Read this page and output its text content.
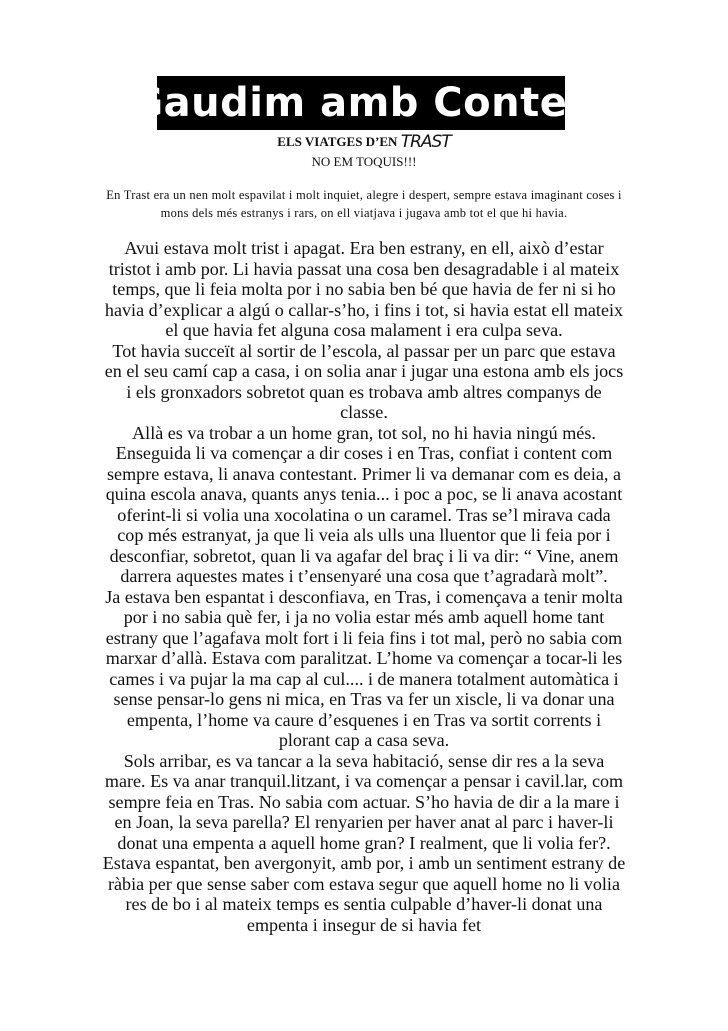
Gaudim amb Contes
ELS VIATGES D’EN TRAST
NO EM TOQUIS!!!
En Trast era un nen molt espavilat i molt inquiet, alegre i despert, sempre estava imaginant coses i mons dels més estranys i rars, on ell viatjava i jugava amb tot el que hi havia.

Avui estava molt trist i apagat. Era ben estrany, en ell, això d’estar tristot i amb por. Li havia passat una cosa ben desagradable i al mateix temps, que li feia molta por i no sabia ben bé que havia de fer ni si ho havia d’explicar a algú o callar-s’ho, i fins i tot, si havia estat ell mateix el que havia fet alguna cosa malament i era culpa seva.

Tot havia succeït al sortir de l’escola, al passar per un parc que estava en el seu camí cap a casa, i on solia anar i jugar una estona amb els jocs i els gronxadors sobretot quan es trobava amb altres companys de classe.

Allà es va trobar a un home gran, tot sol, no hi havia ningú més. Enseguida li va començar a dir coses i en Tras, confiat i content com sempre estava, li anava contestant. Primer li va demanar com es deia, a quina escola anava, quants anys tenia... i poc a poc, se li anava acostant oferint-li si volia una xocolatina o un caramel. Tras se’l mirava cada cop més estranyat, ja que li veia als ulls una lluentor que li feia por i desconfiar, sobretot, quan li va agafar del braç i li va dir: “ Vine, anem darrera aquestes mates i t’ensenyaré una cosa que t’agradarà molt”.

Ja estava ben espantat i desconfiava, en Tras, i començava a tenir molta por i no sabia què fer, i ja no volia estar més amb aquell home tant estrany que l’agafava molt fort i li feia fins i tot mal, però no sabia com marxar d’allà. Estava com paralitzat. L’home va començar a tocar-li les cames i va pujar la ma cap al cul.... i de manera totalment automàtica i sense pensar-lo gens ni mica, en Tras va fer un xiscle, li va donar una empenta, l’home va caure d’esquenes i en Tras va sortit corrents i plorant cap a casa seva.

Sols arribar, es va tancar a la seva habitació, sense dir res a la seva mare. Es va anar tranquil.litzant, i va començar a pensar i cavil.lar, com sempre feia en Tras. No sabia com actuar. S’ho havia de dir a la mare i en Joan, la seva parella? El renyarien per haver anat al parc i haver-li donat una empenta a aquell home gran? I realment, que li volia fer?. Estava espantat, ben avergonyit, amb por, i amb un sentiment estrany de ràbia per que sense saber com estava segur que aquell home no li volia res de bo i al mateix temps es sentia culpable d’haver-li donat una empenta i insegur de si havia fet
